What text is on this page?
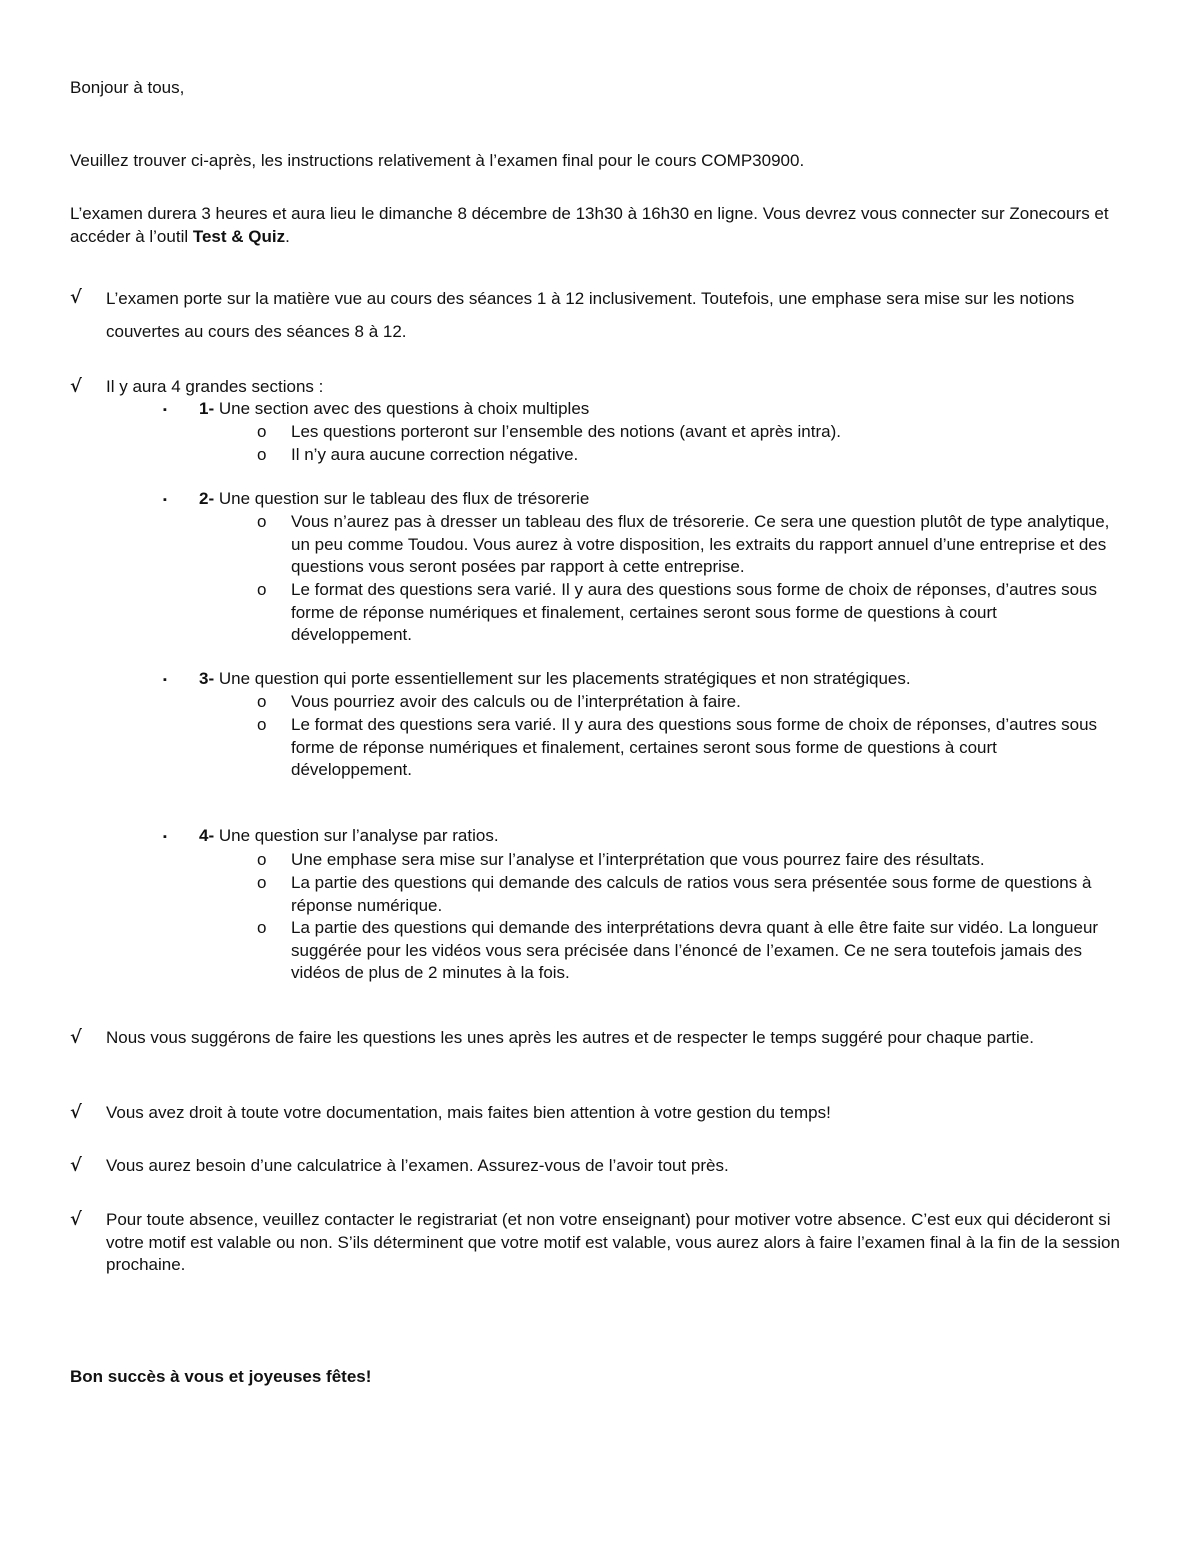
Bonjour à tous,

Veuillez trouver ci-après, les instructions relativement à l’examen final pour le cours COMP30900.

L’examen durera 3 heures et aura lieu le dimanche 8 décembre de 13h30 à 16h30 en ligne. Vous devrez vous connecter sur Zonecours et accéder à l’outil Test & Quiz.

√	L’examen porte sur la matière vue au cours des séances 1 à 12 inclusivement. Toutefois, une emphase sera mise sur les notions couvertes au cours des séances 8 à 12.
√	Il y aura 4 grandes sections :
▪	1- Une section avec des questions à choix multiples
o	Les questions porteront sur l’ensemble des notions (avant et après intra).
o	Il n’y aura aucune correction négative.
▪	2- Une question sur le tableau des flux de trésorerie
o	Vous n’aurez pas à dresser un tableau des flux de trésorerie. Ce sera une question plutôt de type analytique, un peu comme Toudou. Vous aurez à votre disposition, les extraits du rapport annuel d’une entreprise et des questions vous seront posées par rapport à cette entreprise.
o	Le format des questions sera varié. Il y aura des questions sous forme de choix de réponses, d’autres sous forme de réponse numériques et finalement, certaines seront sous forme de questions à court développement.
▪	3- Une question qui porte essentiellement sur les placements stratégiques et non stratégiques.
o	Vous pourriez avoir des calculs ou de l’interprétation à faire.
o	Le format des questions sera varié. Il y aura des questions sous forme de choix de réponses, d’autres sous forme de réponse numériques et finalement, certaines seront sous forme de questions à court développement.
▪	4- Une question sur l’analyse par ratios.
o	Une emphase sera mise sur l’analyse et l’interprétation que vous pourrez faire des résultats.
o	La partie des questions qui demande des calculs de ratios vous sera présentée sous forme de questions à réponse numérique.
o	La partie des questions qui demande des interprétations devra quant à elle être faite sur vidéo. La longueur suggérée pour les vidéos vous sera précisée dans l’énoncé de l’examen. Ce ne sera toutefois jamais des vidéos de plus de 2 minutes à la fois.
√	Nous vous suggérons de faire les questions les unes après les autres et de respecter le temps suggéré pour chaque partie.
√	Vous avez droit à toute votre documentation, mais faites bien attention à votre gestion du temps!
√	Vous aurez besoin d’une calculatrice à l’examen. Assurez-vous de l’avoir tout près.
√	Pour toute absence, veuillez contacter le registrariat (et non votre enseignant) pour motiver votre absence. C’est eux qui décideront si votre motif est valable ou non. S’ils déterminent que votre motif est valable, vous aurez alors à faire l’examen final à la fin de la session prochaine.

Bon succès à vous et joyeuses fêtes!
